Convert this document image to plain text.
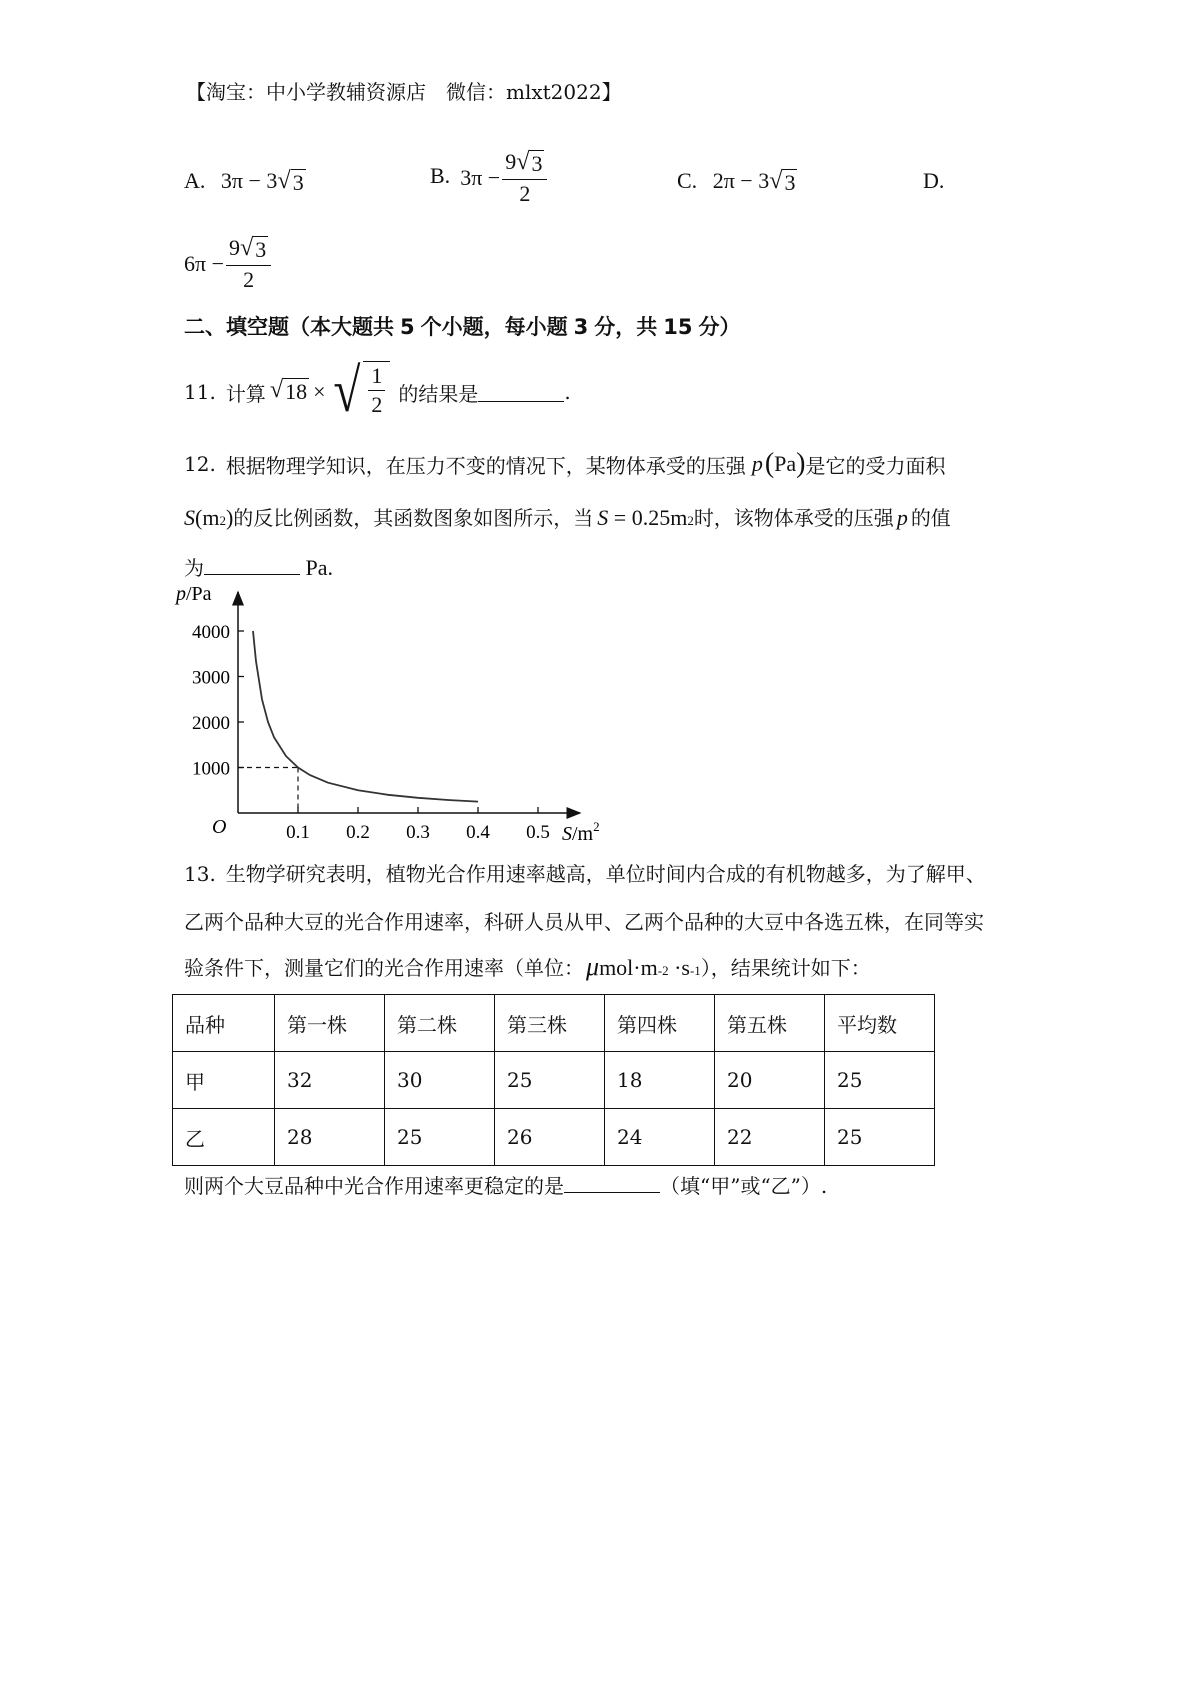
【淘宝：中小学教辅资源店　微信：mlxt2022】
A. 3π − 3 √ 3	B. $3\pi - \frac{9 √ 3}{2}$	C. 2π − 3 √ 3	D.
$6\pi - \frac{9 √ 3}{2}$
二、填空题（本大题共 5 个小题，每小题 3 分，共 15 分）
11. 计算 √ 18 × √ $\frac{1}{2}$ 的结果是	.
12. 根据物理学知识，在压力不变的情况下，某物体承受的压强 p ( Pa ) 是它的受力面积
S (m 2 ) 的反比例函数，其函数图象如图所示，当 S = 0.25m 2 时，该物体承受的压强 p 的值
为	Pa.
4000
3000
2000
1000
0.1 0.2 0.3 0.4 0.5
p/Pa
O	$S/m^2$
13. 生物学研究表明，植物光合作用速率越高，单位时间内合成的有机物越多，为了解甲、
乙两个品种大豆的光合作用速率，科研人员从甲、乙两个品种的大豆中各选五株，在同等实
验条件下，测量它们的光合作用速率（单位： μ mol·m -2 ·s -1 ），结果统计如下：
品种	第一株	第二株	第三株	第四株	第五株	平均数
甲	32	30	25	18	20	25
乙	28	25	26	24	22	25
则两个大豆品种中光合作用速率更稳定的是	（填“甲”或“乙”）.
